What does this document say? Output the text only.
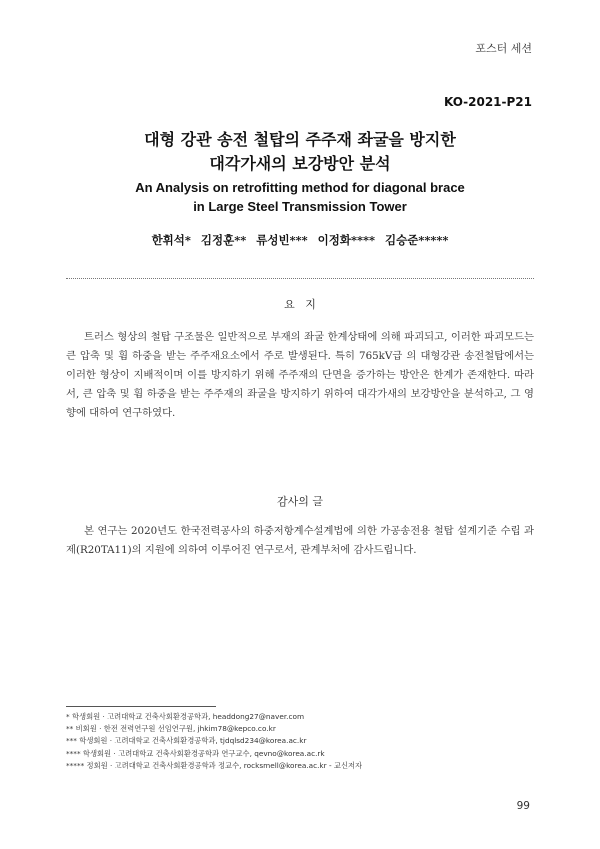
포스터 세션
KO-2021-P21
대형 강관 송전 철탑의 주주재 좌굴을 방지한
대각가새의 보강방안 분석
An Analysis on retrofitting method for diagonal brace
in Large Steel Transmission Tower
한휘석* 김정훈** 류성빈*** 이정화**** 김승준*****
요   지
트러스 형상의 철탑 구조물은 일반적으로 부재의 좌굴 한계상태에 의해 파괴되고, 이러한 파괴모드는 큰 압축 및 휨 하중을 받는 주주재요소에서 주로 발생된다. 특히 765kV급 의 대형강관 송전철탑에서는 이러한 형상이 지배적이며 이를 방지하기 위해 주주재의 단면을 증가하는 방안은 한계가 존재한다. 따라서, 큰 압축 및 휨 하중을 받는 주주재의 좌굴을 방지하기 위하여 대각가새의 보강방안을 분석하고, 그 영향에 대하여 연구하였다.
감사의 글
본 연구는 2020년도 한국전력공사의 하중저항계수설계법에 의한 가공송전용 철탑 설계기준 수립 과제(R20TA11)의 지원에 의하여 이루어진 연구로서, 관계부처에 감사드립니다.
* 학생회원 · 고려대학교 건축사회환경공학과, headdong27@naver.com
** 비회원 · 한전 전력연구원 선임연구원, jhkim78@kepco.co.kr
*** 학생회원 · 고려대학교 건축사회환경공학과, tjdqlsd234@korea.ac.kr
**** 학생회원 · 고려대학교 건축사회환경공학과 연구교수, qevno@korea.ac.rk
***** 정회원 · 고려대학교 건축사회환경공학과 정교수, rocksmell@korea.ac.kr - 교신저자
99
